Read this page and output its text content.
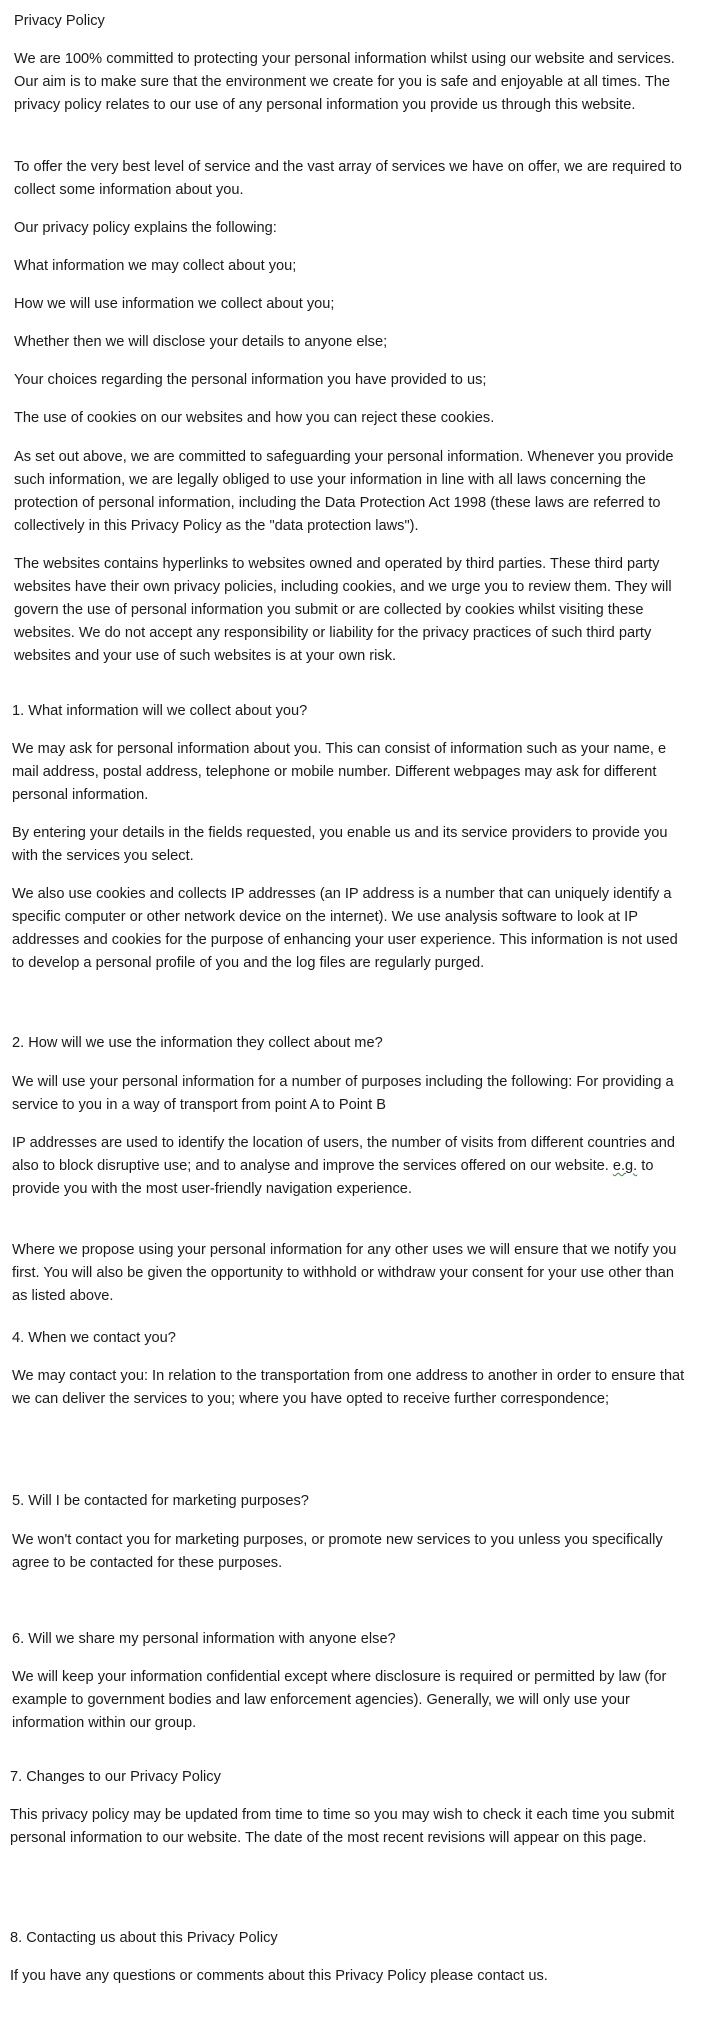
Privacy Policy

We are 100% committed to protecting your personal information whilst using our website and services. Our aim is to make sure that the environment we create for you is safe and enjoyable at all times. The privacy policy relates to our use of any personal information you provide us through this website.

To offer the very best level of service and the vast array of services we have on offer, we are required to collect some information about you.

Our privacy policy explains the following:

What information we may collect about you;

How we will use information we collect about you;

Whether then we will disclose your details to anyone else;

Your choices regarding the personal information you have provided to us;

The use of cookies on our websites and how you can reject these cookies.

As set out above, we are committed to safeguarding your personal information. Whenever you provide such information, we are legally obliged to use your information in line with all laws concerning the protection of personal information, including the Data Protection Act 1998 (these laws are referred to collectively in this Privacy Policy as the "data protection laws").

The websites contains hyperlinks to websites owned and operated by third parties. These third party websites have their own privacy policies, including cookies, and we urge you to review them. They will govern the use of personal information you submit or are collected by cookies whilst visiting these websites. We do not accept any responsibility or liability for the privacy practices of such third party websites and your use of such websites is at your own risk.

1. What information will we collect about you?

We may ask for personal information about you. This can consist of information such as your name, e mail address, postal address, telephone or mobile number. Different webpages may ask for different personal information.

By entering your details in the fields requested, you enable us and its service providers to provide you with the services you select.

We also use cookies and collects IP addresses (an IP address is a number that can uniquely identify a specific computer or other network device on the internet). We use analysis software to look at IP addresses and cookies for the purpose of enhancing your user experience. This information is not used to develop a personal profile of you and the log files are regularly purged.

2. How will we use the information they collect about me?

We will use your personal information for a number of purposes including the following: For providing a service to you in a way of transport from point A to Point B

IP addresses are used to identify the location of users, the number of visits from different countries and also to block disruptive use; and to analyse and improve the services offered on our website. e.g. to provide you with the most user-friendly navigation experience.

Where we propose using your personal information for any other uses we will ensure that we notify you first. You will also be given the opportunity to withhold or withdraw your consent for your use other than as listed above.

4. When we contact you?

We may contact you: In relation to the transportation from one address to another in order to ensure that we can deliver the services to you; where you have opted to receive further correspondence;

5. Will I be contacted for marketing purposes?

We won't contact you for marketing purposes, or promote new services to you unless you specifically agree to be contacted for these purposes.

6. Will we share my personal information with anyone else?

We will keep your information confidential except where disclosure is required or permitted by law (for example to government bodies and law enforcement agencies). Generally, we will only use your information within our group.

7. Changes to our Privacy Policy

This privacy policy may be updated from time to time so you may wish to check it each time you submit personal information to our website. The date of the most recent revisions will appear on this page.

8. Contacting us about this Privacy Policy

If you have any questions or comments about this Privacy Policy please contact us.
